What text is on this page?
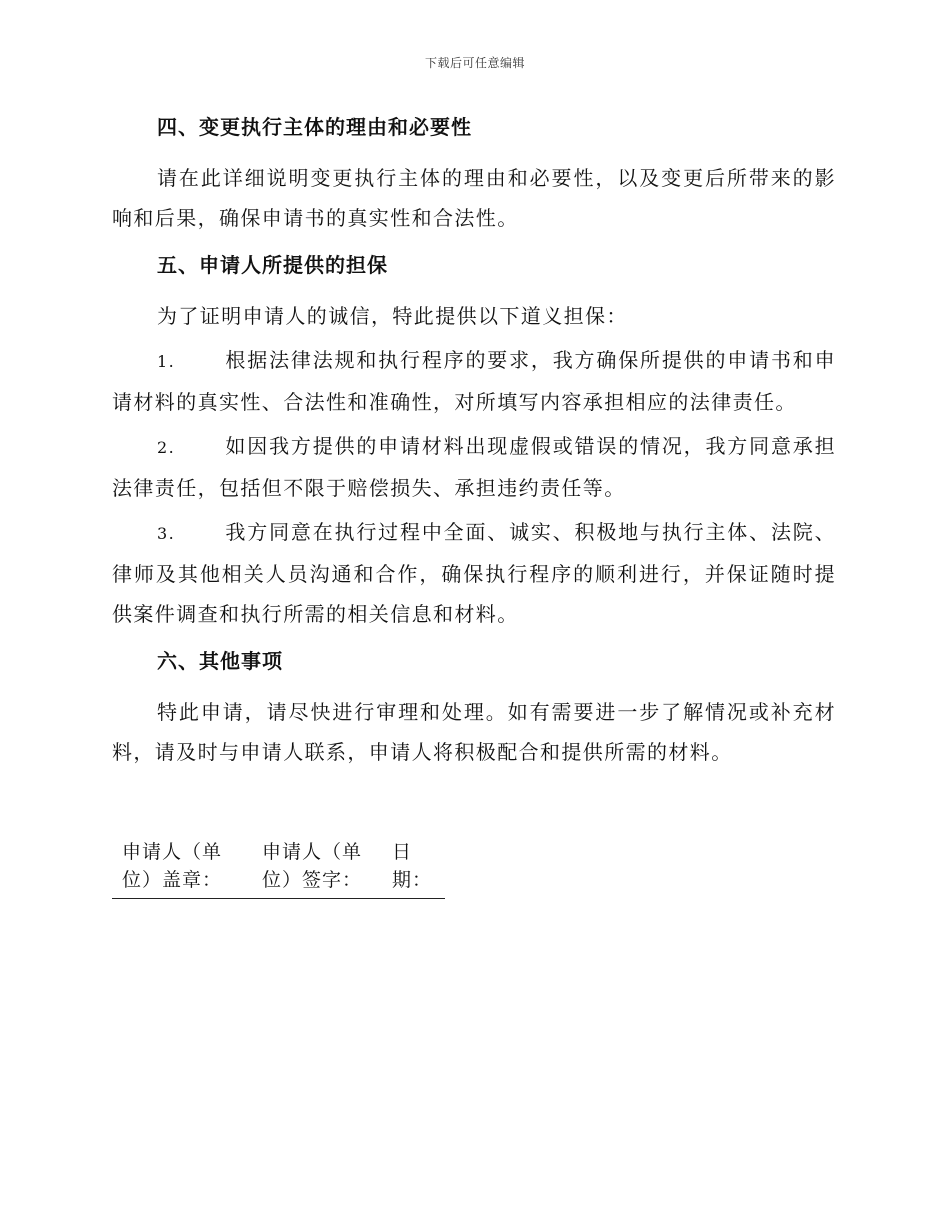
下载后可任意编辑
四、变更执行主体的理由和必要性

请在此详细说明变更执行主体的理由和必要性，以及变更后所带来的影响和后果，确保申请书的真实性和合法性。

五、申请人所提供的担保

为了证明申请人的诚信，特此提供以下道义担保：

1. 根据法律法规和执行程序的要求，我方确保所提供的申请书和申请材料的真实性、合法性和准确性，对所填写内容承担相应的法律责任。

2. 如因我方提供的申请材料出现虚假或错误的情况，我方同意承担法律责任，包括但不限于赔偿损失、承担违约责任等。

3. 我方同意在执行过程中全面、诚实、积极地与执行主体、法院、律师及其他相关人员沟通和合作，确保执行程序的顺利进行，并保证随时提供案件调查和执行所需的相关信息和材料。

六、其他事项

特此申请，请尽快进行审理和处理。如有需要进一步了解情况或补充材料，请及时与申请人联系，申请人将积极配合和提供所需的材料。

申请人（单位）盖章：
申请人（单位）签字：
日期：
